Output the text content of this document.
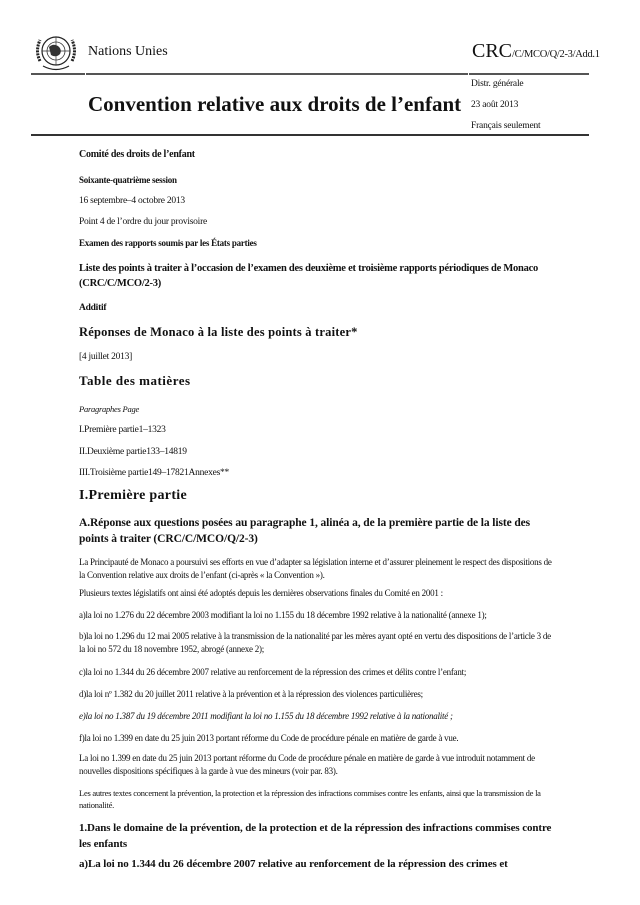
Nations Unies	CRC/C/MCO/Q/2-3/Add.1
Distr. générale
23 août 2013
Français seulement
Convention relative aux droits de l’enfant
Comité des droits de l’enfant
Soixante-quatrième session
16 septembre–4 octobre 2013
Point 4 de l’ordre du jour provisoire
Examen des rapports soumis par les États parties
Liste des points à traiter à l’occasion de l’examen des deuxième et troisième rapports périodiques de Monaco (CRC/C/MCO/2-3)
Additif
Réponses de Monaco à la liste des points à traiter*
[4 juillet 2013]
Table des matières
Paragraphes Page
I.Première partie1–1323
II.Deuxième partie133–14819
III.Troisième partie149–17821Annexes**
I.Première partie
A.Réponse aux questions posées au paragraphe 1, alinéa a, de la première partie de la liste des points à traiter (CRC/C/MCO/Q/2-3)
La Principauté de Monaco a poursuivi ses efforts en vue d’adapter sa législation interne et d’assurer pleinement le respect des dispositions de la Convention relative aux droits de l’enfant (ci-après « la Convention »).
Plusieurs textes législatifs ont ainsi été adoptés depuis les dernières observations finales du Comité en 2001 :
a)la loi no 1.276 du 22 décembre 2003 modifiant la loi no 1.155 du 18 décembre 1992 relative à la nationalité (annexe 1);
b)la loi no 1.296 du 12 mai 2005 relative à la transmission de la nationalité par les mères ayant opté en vertu des dispositions de l’article 3 de la loi no 572 du 18 novembre 1952, abrogé (annexe 2);
c)la loi no 1.344 du 26 décembre 2007 relative au renforcement de la répression des crimes et délits contre l’enfant;
d)la loi nº 1.382 du 20 juillet 2011 relative à la prévention et à la répression des violences particulières;
e)la loi no 1.387 du 19 décembre 2011 modifiant la loi no 1.155 du 18 décembre 1992 relative à la nationalité ;
f)la loi no 1.399 en date du 25 juin 2013 portant réforme du Code de procédure pénale en matière de garde à vue.
La loi no 1.399 en date du 25 juin 2013 portant réforme du Code de procédure pénale en matière de garde à vue introduit notamment de nouvelles dispositions spécifiques à la garde à vue des mineurs (voir par. 83).
Les autres textes concernent la prévention, la protection et la répression des infractions commises contre les enfants, ainsi que la transmission de la nationalité.
1.Dans le domaine de la prévention, de la protection et de la répression des infractions commises contre les enfants
a)La loi no 1.344 du 26 décembre 2007 relative au renforcement de la répression des crimes et
